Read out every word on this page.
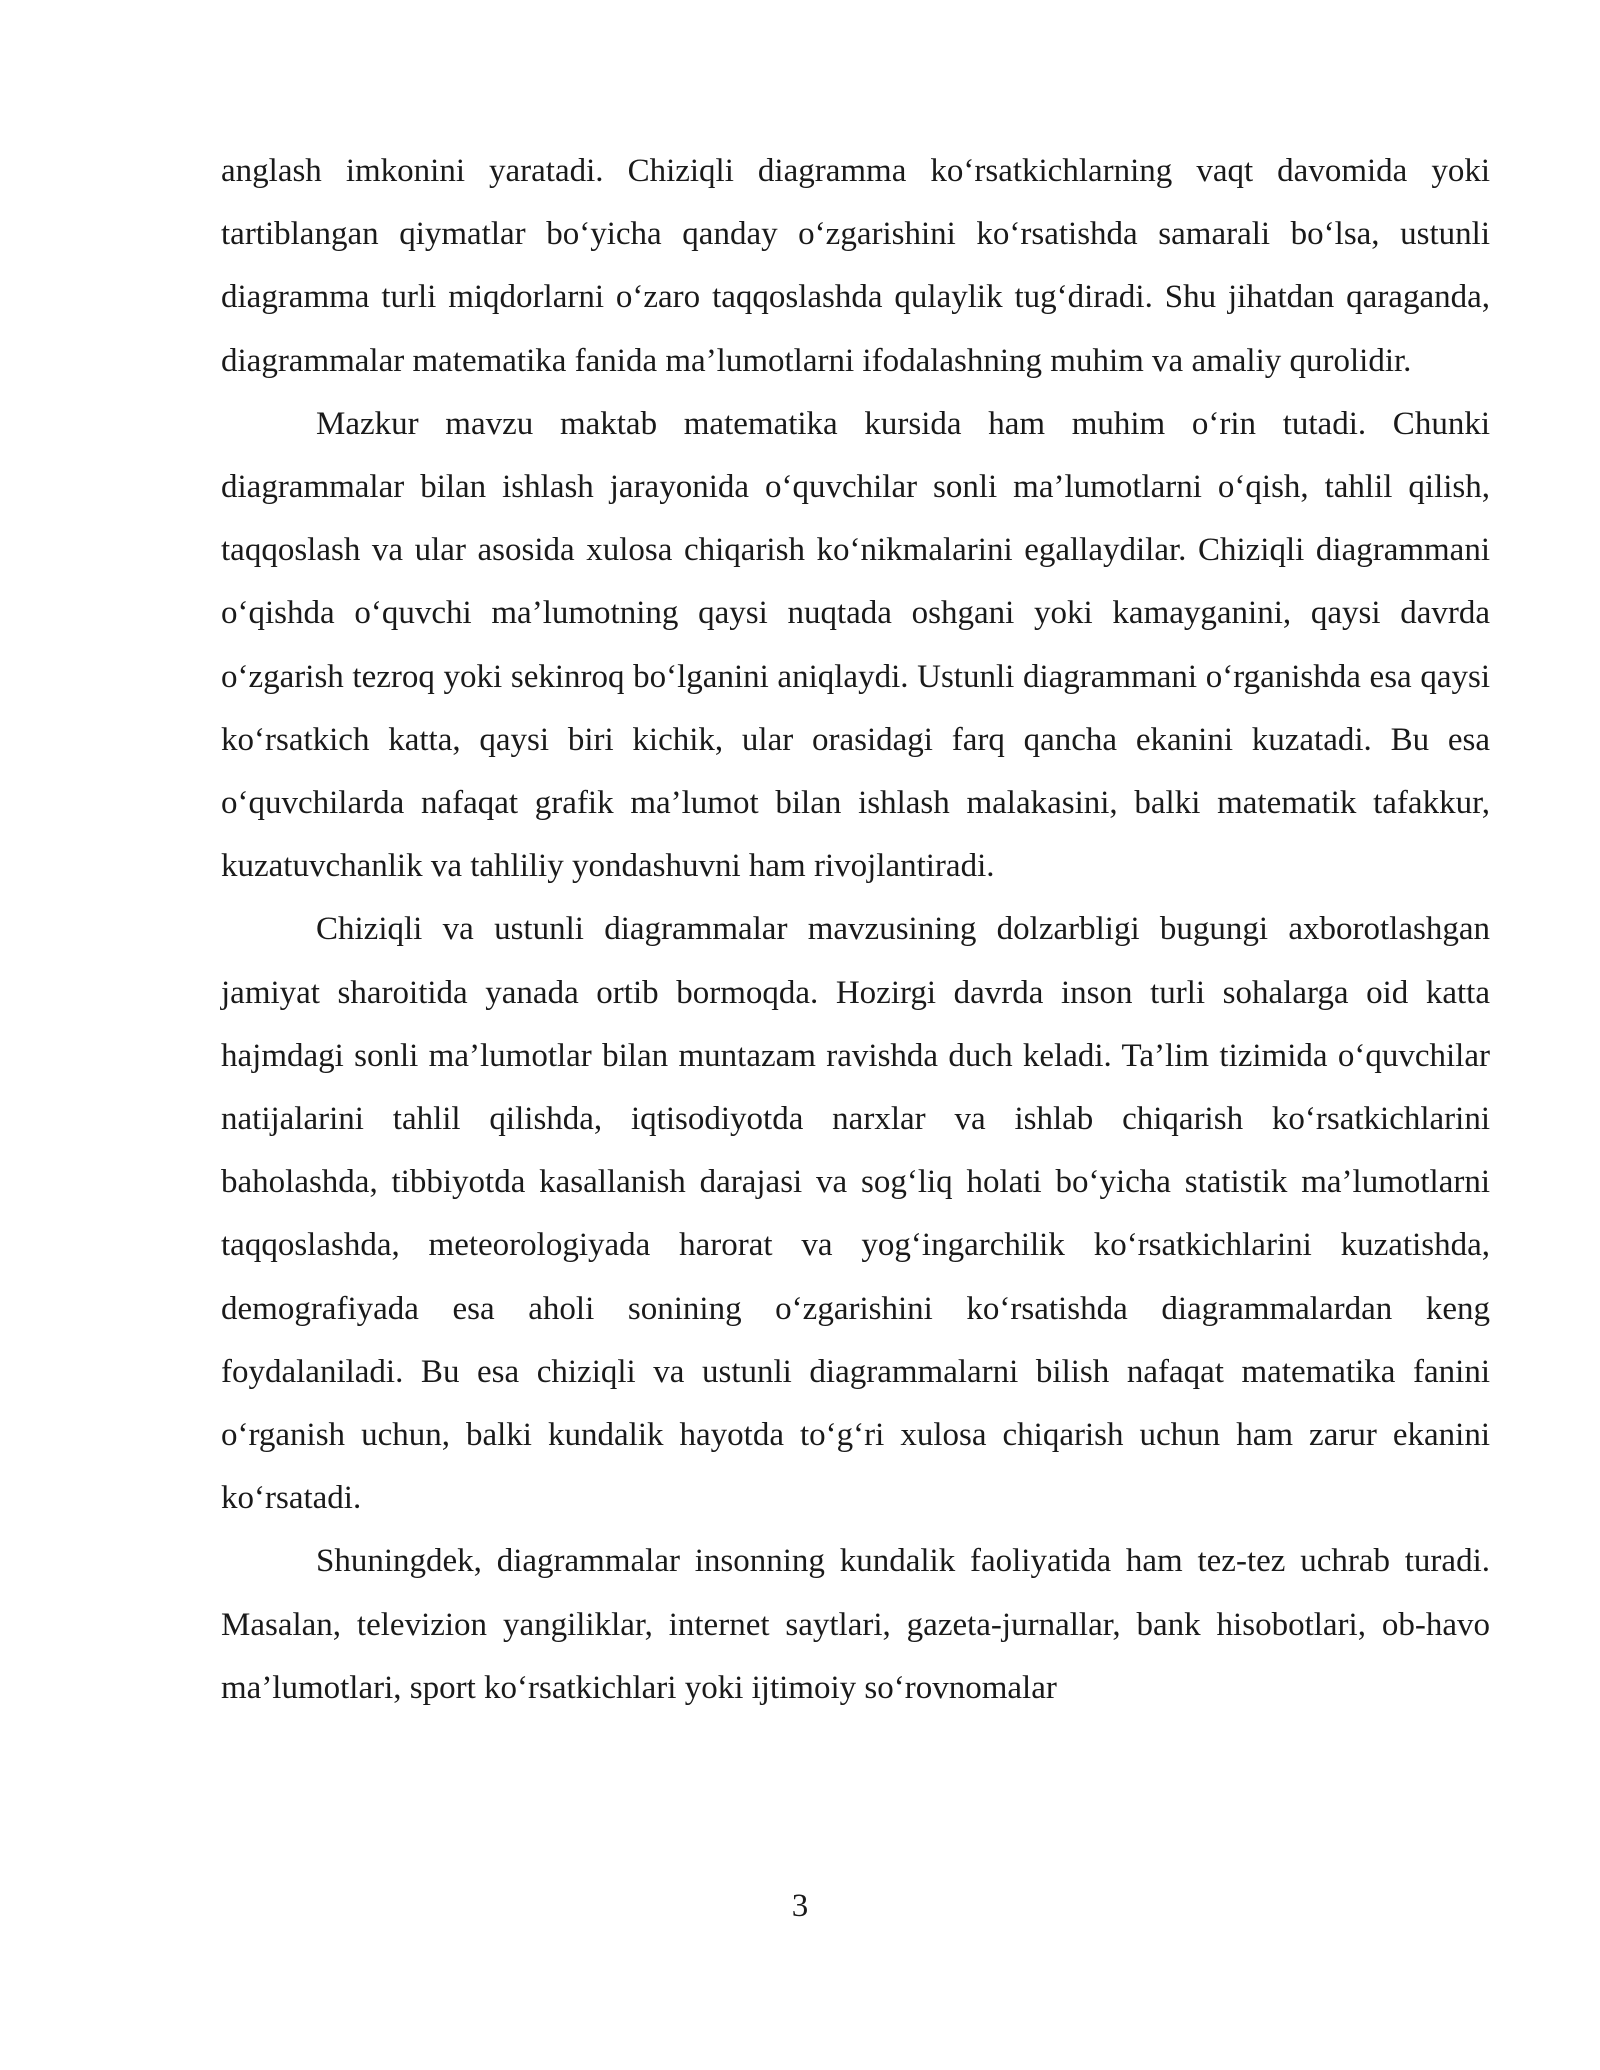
anglash imkonini yaratadi. Chiziqli diagramma ko‘rsatkichlarning vaqt davomida yoki tartiblangan qiymatlar bo‘yicha qanday o‘zgarishini ko‘rsatishda samarali bo‘lsa, ustunli diagramma turli miqdorlarni o‘zaro taqqoslashda qulaylik tug‘diradi. Shu jihatdan qaraganda, diagrammalar matematika fanida ma’lumotlarni ifodalashning muhim va amaliy qurolidir.

Mazkur mavzu maktab matematika kursida ham muhim o‘rin tutadi. Chunki diagrammalar bilan ishlash jarayonida o‘quvchilar sonli ma’lumotlarni o‘qish, tahlil qilish, taqqoslash va ular asosida xulosa chiqarish ko‘nikmalarini egallaydilar. Chiziqli diagrammani o‘qishda o‘quvchi ma’lumotning qaysi nuqtada oshgani yoki kamayganini, qaysi davrda o‘zgarish tezroq yoki sekinroq bo‘lganini aniqlaydi. Ustunli diagrammani o‘rganishda esa qaysi ko‘rsatkich katta, qaysi biri kichik, ular orasidagi farq qancha ekanini kuzatadi. Bu esa o‘quvchilarda nafaqat grafik ma’lumot bilan ishlash malakasini, balki matematik tafakkur, kuzatuvchanlik va tahliliy yondashuvni ham rivojlantiradi.

Chiziqli va ustunli diagrammalar mavzusining dolzarbligi bugungi axborotlashgan jamiyat sharoitida yanada ortib bormoqda. Hozirgi davrda inson turli sohalarga oid katta hajmdagi sonli ma’lumotlar bilan muntazam ravishda duch keladi. Ta’lim tizimida o‘quvchilar natijalarini tahlil qilishda, iqtisodiyotda narxlar va ishlab chiqarish ko‘rsatkichlarini baholashda, tibbiyotda kasallanish darajasi va sog‘liq holati bo‘yicha statistik ma’lumotlarni taqqoslashda, meteorologiyada harorat va yog‘ingarchilik ko‘rsatkichlarini kuzatishda, demografiyada esa aholi sonining o‘zgarishini ko‘rsatishda diagrammalardan keng foydalaniladi. Bu esa chiziqli va ustunli diagrammalarni bilish nafaqat matematika fanini o‘rganish uchun, balki kundalik hayotda to‘g‘ri xulosa chiqarish uchun ham zarur ekanini ko‘rsatadi.

Shuningdek, diagrammalar insonning kundalik faoliyatida ham tez-tez uchrab turadi. Masalan, televizion yangiliklar, internet saytlari, gazeta-jurnallar, bank hisobotlari, ob-havo ma’lumotlari, sport ko‘rsatkichlari yoki ijtimoiy so‘rovnomalar

3
